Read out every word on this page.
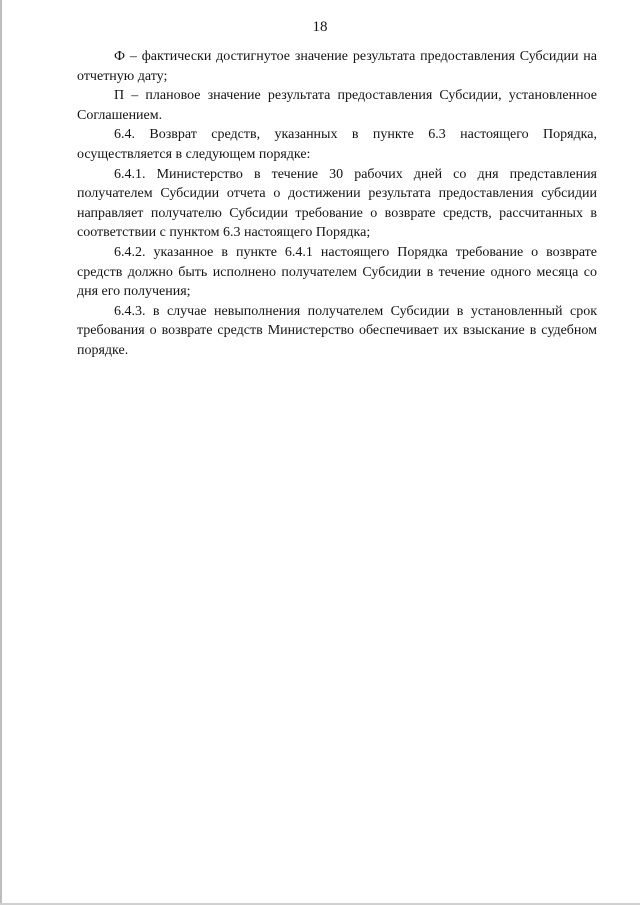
18

Ф – фактически достигнутое значение результата предоставления Субсидии на отчетную дату;

П – плановое значение результата предоставления Субсидии, установленное Соглашением.

6.4. Возврат средств, указанных в пункте 6.3 настоящего Порядка, осуществляется в следующем порядке:

6.4.1. Министерство в течение 30 рабочих дней со дня представления получателем Субсидии отчета о достижении результата предоставления субсидии направляет получателю Субсидии требование о возврате средств, рассчитанных в соответствии с пунктом 6.3 настоящего Порядка;

6.4.2. указанное в пункте 6.4.1 настоящего Порядка требование о возврате средств должно быть исполнено получателем Субсидии в течение одного месяца со дня его получения;

6.4.3. в случае невыполнения получателем Субсидии в установленный срок требования о возврате средств Министерство обеспечивает их взыскание в судебном порядке.
